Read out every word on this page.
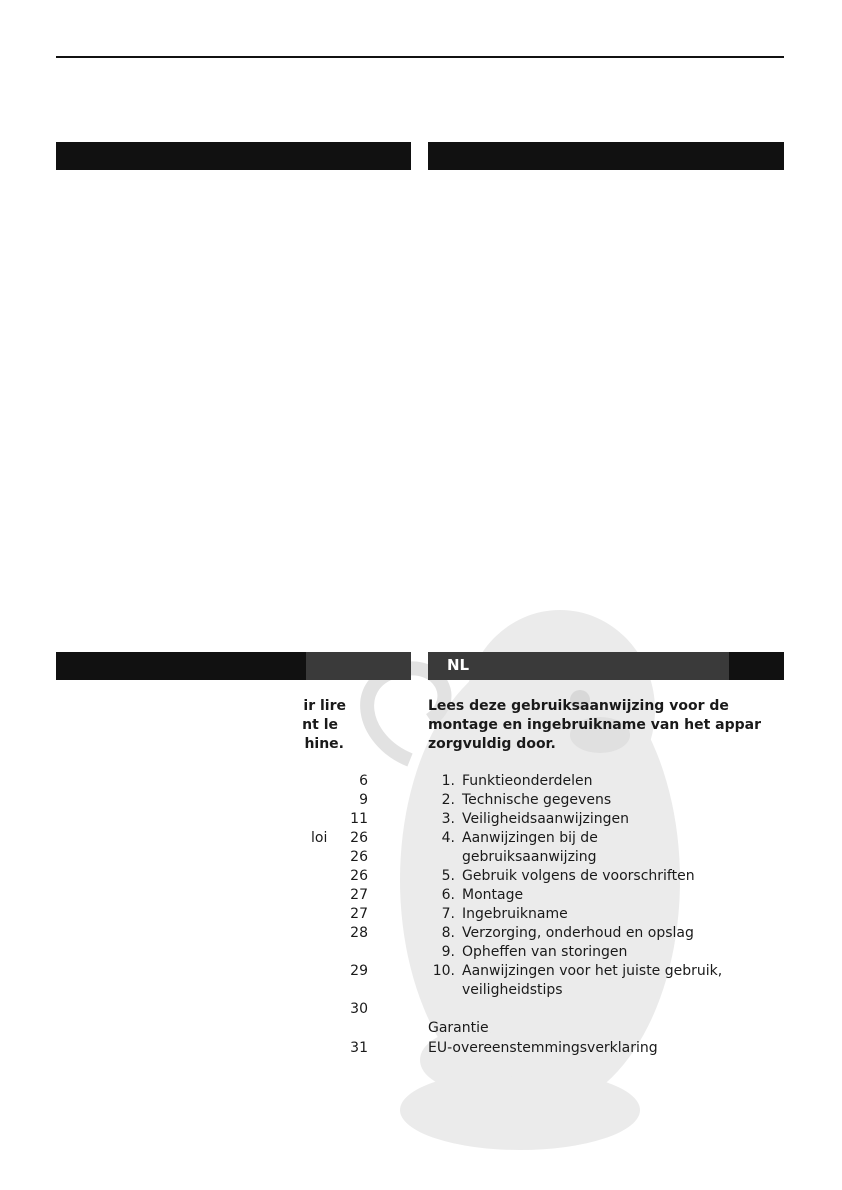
NL
ir lire
nt le
hine.
loi
6
9
11
26
26
26
27
27
28
29
30
31
Lees deze gebruiksaanwijzing voor de
montage en ingebruikname van het appar
zorgvuldig door.
1. Funktieonderdelen
2. Technische gegevens
3. Veiligheidsaanwijzingen
4. Aanwijzingen bij de
gebruiksaanwijzing
5. Gebruik volgens de voorschriften
6. Montage
7. Ingebruikname
8. Verzorging, onderhoud en opslag
9. Opheffen van storingen
10. Aanwijzingen voor het juiste gebruik,
veiligheidstips
Garantie
EU-overeenstemmingsverklaring
